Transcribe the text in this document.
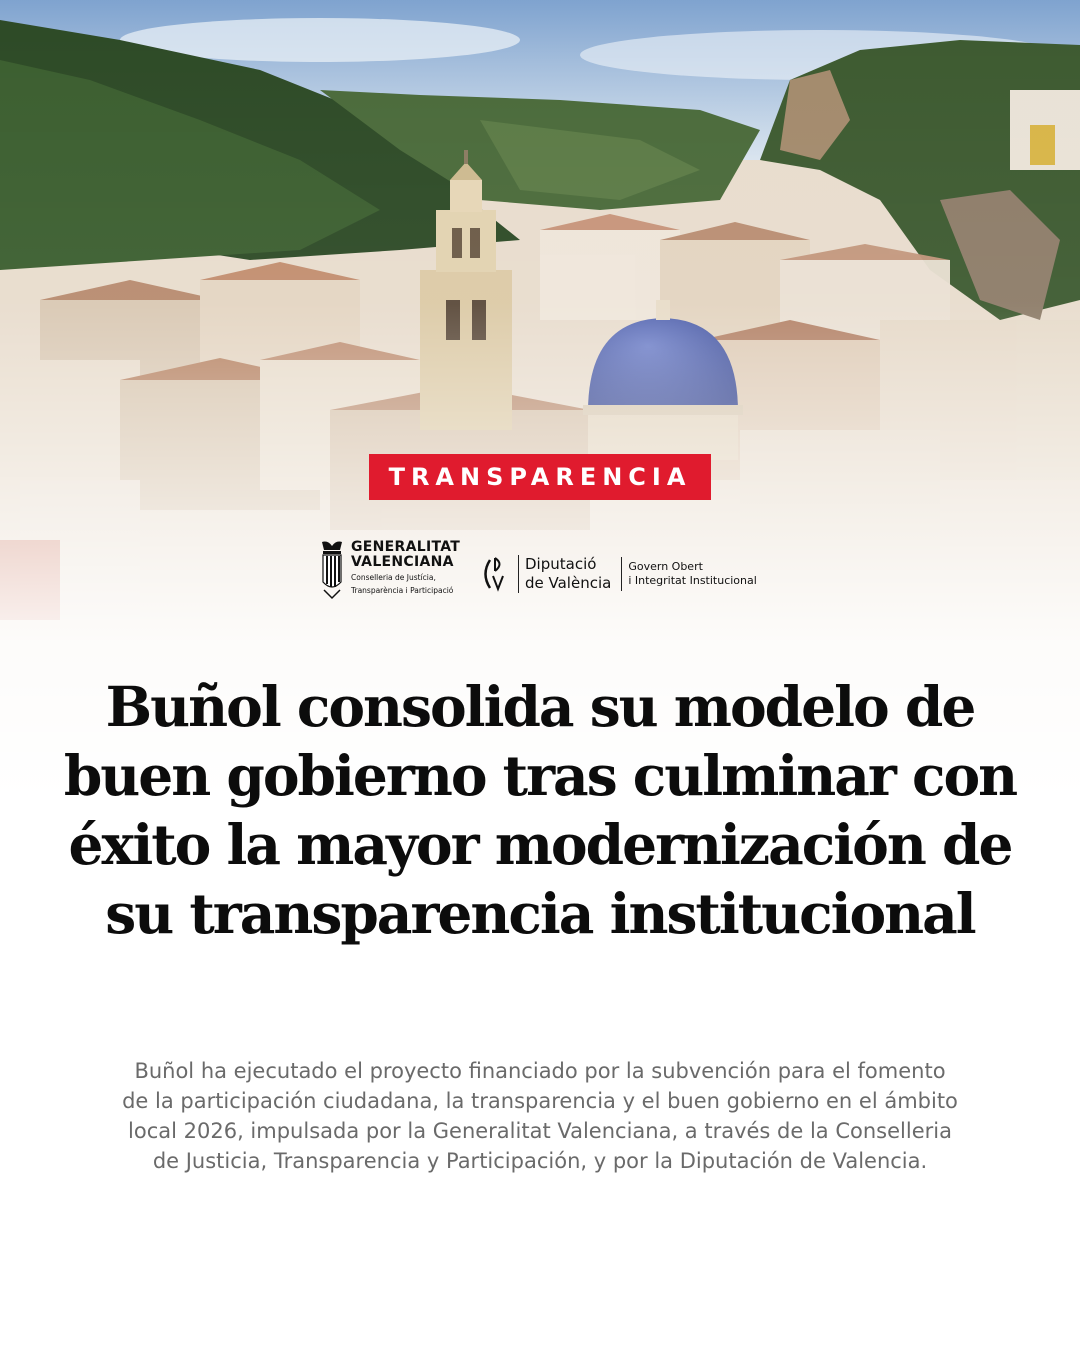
TRANSPARENCIA
GENERALITAT
VALENCIANA
Conselleria de Justícia,
Transparència i Participació
Diputació
de València
Govern Obert
i Integritat Institucional
Buñol consolida su modelo de buen gobierno tras culminar con éxito la mayor modernización de su transparencia institucional

Buñol ha ejecutado el proyecto financiado por la subvención para el fomento de la participación ciudadana, la transparencia y el buen gobierno en el ámbito local 2026, impulsada por la Generalitat Valenciana, a través de la Conselleria de Justicia, Transparencia y Participación, y por la Diputación de Valencia.
